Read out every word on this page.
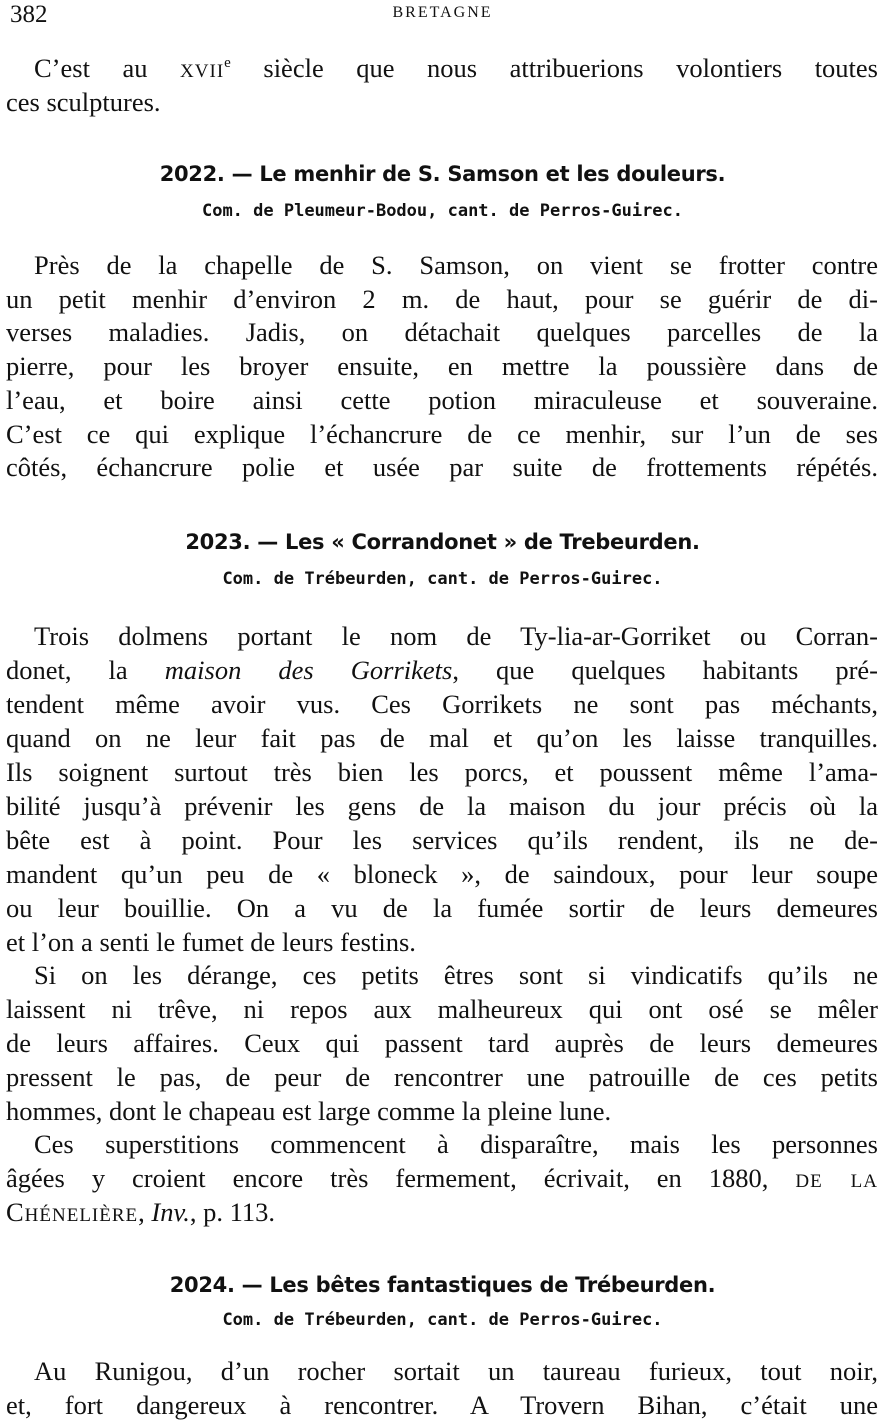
382	BRETAGNE

C’est au xvii$^e$ siècle que nous attribuerions volontiers toutes

ces sculptures.

2022. — Le menhir de S. Samson et les douleurs.
Com. de Pleumeur-Bodou, cant. de Perros-Guirec.

Près de la chapelle de S. Samson, on vient se frotter contre

un petit menhir d’environ 2 m. de haut, pour se guérir de di-

verses maladies. Jadis, on détachait quelques parcelles de la

pierre, pour les broyer ensuite, en mettre la poussière dans de

l’eau, et boire ainsi cette potion miraculeuse et souveraine.

C’est ce qui explique l’échancrure de ce menhir, sur l’un de ses

côtés, échancrure polie et usée par suite de frottements répétés.

2023. — Les « Corrandonet » de Trebeurden.
Com. de Trébeurden, cant. de Perros-Guirec.

Trois dolmens portant le nom de Ty-lia-ar-Gorriket ou Corran-

donet, la maison des Gorrikets, que quelques habitants pré-

tendent même avoir vus. Ces Gorrikets ne sont pas méchants,

quand on ne leur fait pas de mal et qu’on les laisse tranquilles.

Ils soignent surtout très bien les porcs, et poussent même l’ama-

bilité jusqu’à prévenir les gens de la maison du jour précis où la

bête est à point. Pour les services qu’ils rendent, ils ne de-

mandent qu’un peu de « bloneck », de saindoux, pour leur soupe

ou leur bouillie. On a vu de la fumée sortir de leurs demeures

et l’on a senti le fumet de leurs festins.

Si on les dérange, ces petits êtres sont si vindicatifs qu’ils ne

laissent ni trêve, ni repos aux malheureux qui ont osé se mêler

de leurs affaires. Ceux qui passent tard auprès de leurs demeures

pressent le pas, de peur de rencontrer une patrouille de ces petits

hommes, dont le chapeau est large comme la pleine lune.

Ces superstitions commencent à disparaître, mais les personnes

âgées y croient encore très fermement, écrivait, en 1880, de la

Chénelière, Inv., p. 113.

2024. — Les bêtes fantastiques de Trébeurden.
Com. de Trébeurden, cant. de Perros-Guirec.

Au Runigou, d’un rocher sortait un taureau furieux, tout noir,

et, fort dangereux à rencontrer. A Trovern Bihan, c’était une
